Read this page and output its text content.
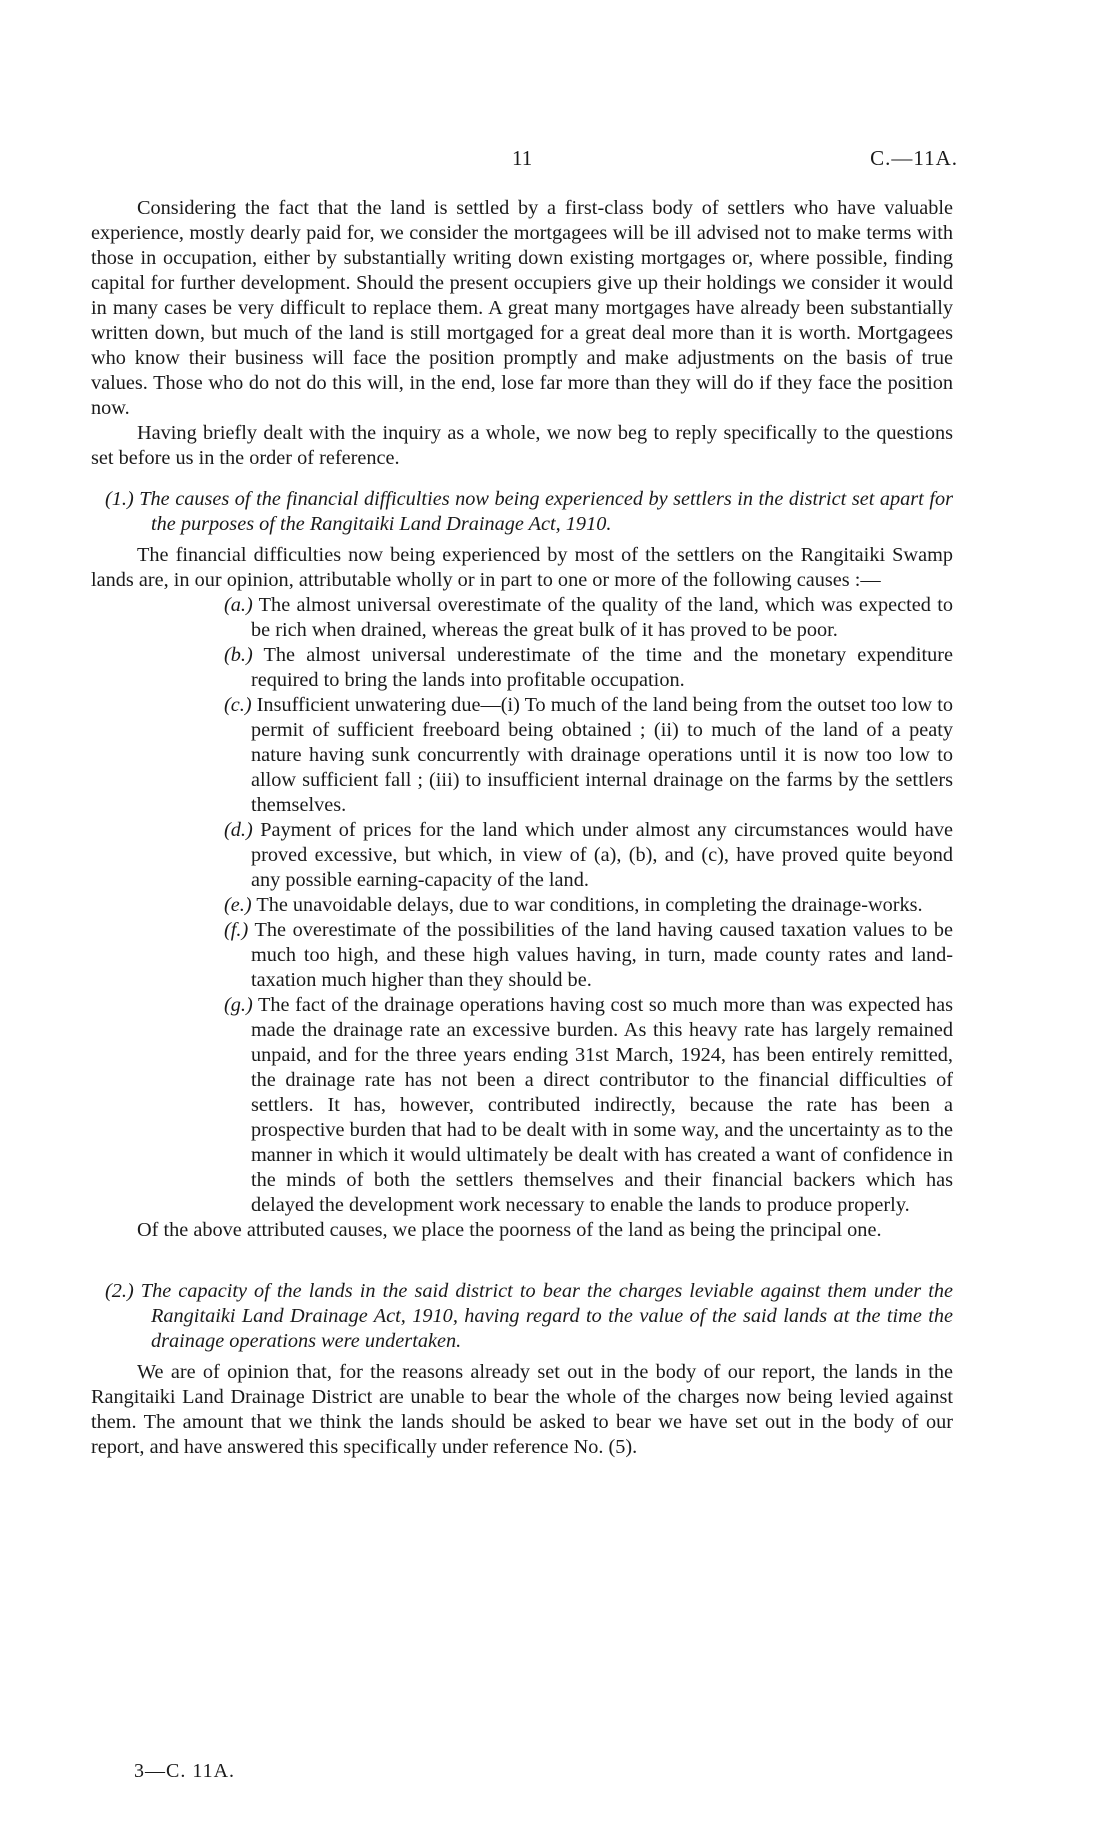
11	C.—11A.

Considering the fact that the land is settled by a first-class body of settlers who have valuable experience, mostly dearly paid for, we consider the mortgagees will be ill advised not to make terms with those in occupation, either by substantially writing down existing mortgages or, where possible, finding capital for further development. Should the present occupiers give up their holdings we consider it would in many cases be very difficult to replace them. A great many mortgages have already been substantially written down, but much of the land is still mortgaged for a great deal more than it is worth. Mortgagees who know their business will face the position promptly and make adjustments on the basis of true values. Those who do not do this will, in the end, lose far more than they will do if they face the position now.

Having briefly dealt with the inquiry as a whole, we now beg to reply specifically to the questions set before us in the order of reference.

(1.) The causes of the financial difficulties now being experienced by settlers in the district set apart for the purposes of the Rangitaiki Land Drainage Act, 1910.

The financial difficulties now being experienced by most of the settlers on the Rangitaiki Swamp lands are, in our opinion, attributable wholly or in part to one or more of the following causes :—

(a.) The almost universal overestimate of the quality of the land, which was expected to be rich when drained, whereas the great bulk of it has proved to be poor.

(b.) The almost universal underestimate of the time and the monetary expenditure required to bring the lands into profitable occupation.

(c.) Insufficient unwatering due—(i) To much of the land being from the outset too low to permit of sufficient freeboard being obtained ; (ii) to much of the land of a peaty nature having sunk concurrently with drainage operations until it is now too low to allow sufficient fall ; (iii) to insufficient internal drainage on the farms by the settlers themselves.

(d.) Payment of prices for the land which under almost any circumstances would have proved excessive, but which, in view of (a), (b), and (c), have proved quite beyond any possible earning-capacity of the land.

(e.) The unavoidable delays, due to war conditions, in completing the drainage-works.

(f.) The overestimate of the possibilities of the land having caused taxation values to be much too high, and these high values having, in turn, made county rates and land-taxation much higher than they should be.

(g.) The fact of the drainage operations having cost so much more than was expected has made the drainage rate an excessive burden. As this heavy rate has largely remained unpaid, and for the three years ending 31st March, 1924, has been entirely remitted, the drainage rate has not been a direct contributor to the financial difficulties of settlers. It has, however, contributed indirectly, because the rate has been a prospective burden that had to be dealt with in some way, and the uncertainty as to the manner in which it would ultimately be dealt with has created a want of confidence in the minds of both the settlers themselves and their financial backers which has delayed the development work necessary to enable the lands to produce properly.

Of the above attributed causes, we place the poorness of the land as being the principal one.

(2.) The capacity of the lands in the said district to bear the charges leviable against them under the Rangitaiki Land Drainage Act, 1910, having regard to the value of the said lands at the time the drainage operations were undertaken.

We are of opinion that, for the reasons already set out in the body of our report, the lands in the Rangitaiki Land Drainage District are unable to bear the whole of the charges now being levied against them. The amount that we think the lands should be asked to bear we have set out in the body of our report, and have answered this specifically under reference No. (5).

3—C. 11A.
